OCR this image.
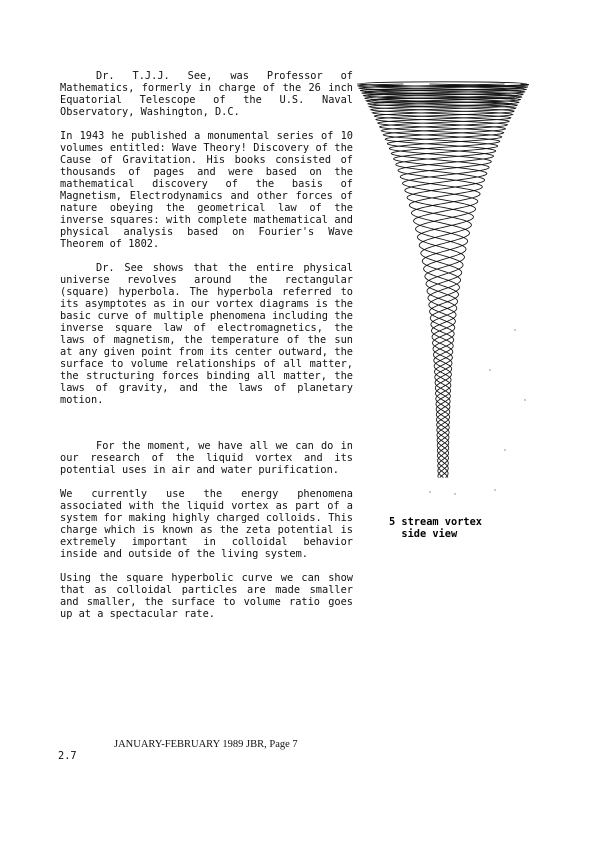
Dr. T.J.J. See, was Professor of Mathematics, formerly in charge of the 26 inch Equatorial Telescope of the U.S. Naval Observatory, Washington, D.C.

In 1943 he published a monumental series of 10 volumes entitled: Wave Theory! Discovery of the Cause of Gravitation. His books consisted of thousands of pages and were based on the mathematical discovery of the basis of Magnetism, Electrodynamics and other forces of nature obeying the geometrical law of the inverse squares: with complete mathematical and physical analysis based on Fourier's Wave Theorem of 1802.

Dr. See shows that the entire physical universe revolves around the rectangular (square) hyperbola. The hyperbola referred to its asymptotes as in our vortex diagrams is the basic curve of multiple phenomena including the inverse square law of electromagnetics, the laws of magnetism, the temperature of the sun at any given point from its center outward, the surface to volume relationships of all matter, the structuring forces binding all matter, the laws of gravity, and the laws of planetary motion.

For the moment, we have all we can do in our research of the liquid vortex and its potential uses in air and water purification.

We currently use the energy phenomena associated with the liquid vortex as part of a system for making highly charged colloids. This charge which is known as the zeta potential is extremely important in colloidal behavior inside and outside of the living system.

Using the square hyperbolic curve we can show that as colloidal particles are made smaller and smaller, the surface to volume ratio goes up at a spectacular rate.

5 stream vortex
side view
JANUARY-FEBRUARY 1989 JBR, Page 7
2.7
